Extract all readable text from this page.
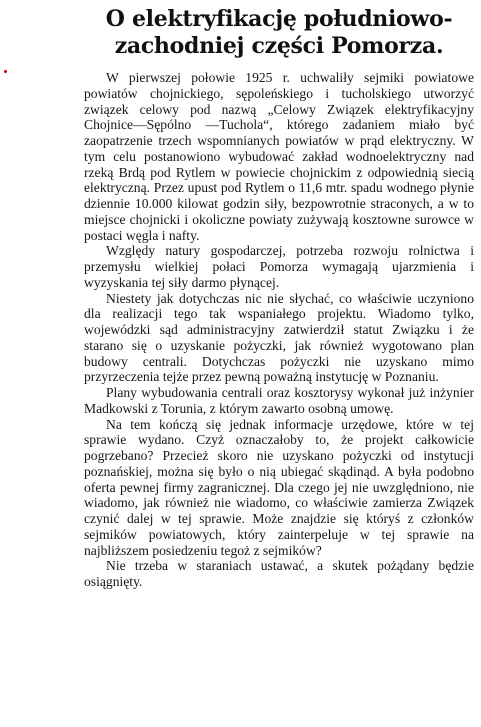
O elektryfikację południowo-
zachodniej części Pomorza.

W pierwszej połowie 1925 r. uchwaliły sejmiki powiatowe powiatów chojnickiego, sępoleńskiego i tucholskiego utworzyć związek celowy pod nazwą „Celowy Związek elektryfikacyjny Chojnice—Sępólno —Tuchola“, którego zadaniem miało być zaopatrzenie trzech wspomnianych powiatów w prąd elektryczny. W tym celu postanowiono wybudować zakład wodnoelektryczny nad rzeką Brdą pod Rytlem w powiecie chojnickim z odpowiednią siecią elektryczną. Przez upust pod Rytlem o 11,6 mtr. spadu wodnego płynie dziennie 10.000 kilowat godzin siły, bezpowrotnie straconych, a w to miejsce chojnicki i okoliczne powiaty zużywają kosztowne surowce w postaci węgla i nafty.

Względy natury gospodarczej, potrzeba rozwoju rolnictwa i przemysłu wielkiej połaci Pomorza wymagają ujarzmienia i wyzyskania tej siły darmo płynącej.

Niestety jak dotychczas nic nie słychać, co właściwie uczyniono dla realizacji tego tak wspaniałego projektu. Wiadomo tylko, wojewódzki sąd administracyjny zatwierdził statut Związku i że starano się o uzyskanie pożyczki, jak również wygotowano plan budowy centrali. Dotychczas pożyczki nie uzyskano mimo przyrzeczenia tejże przez pewną poważną instytucję w Poznaniu.

Plany wybudowania centrali oraz kosztorysy wykonał już inżynier Madkowski z Torunia, z którym zawarto osobną umowę.

Na tem kończą się jednak informacje urzędowe, które w tej sprawie wydano. Czyż oznaczałoby to, że projekt całkowicie pogrzebano? Przecież skoro nie uzyskano pożyczki od instytucji poznańskiej, można się było o nią ubiegać skądinąd. A była podobno oferta pewnej firmy zagranicznej. Dla czego jej nie uwzględniono, nie wiadomo, jak również nie wiadomo, co właściwie zamierza Związek czynić dalej w tej sprawie. Może znajdzie się któryś z członków sejmików powiatowych, który zainterpeluje w tej sprawie na najbliższem posiedzeniu tegoż z sejmików?

Nie trzeba w staraniach ustawać, a skutek pożądany będzie osiągnięty.
